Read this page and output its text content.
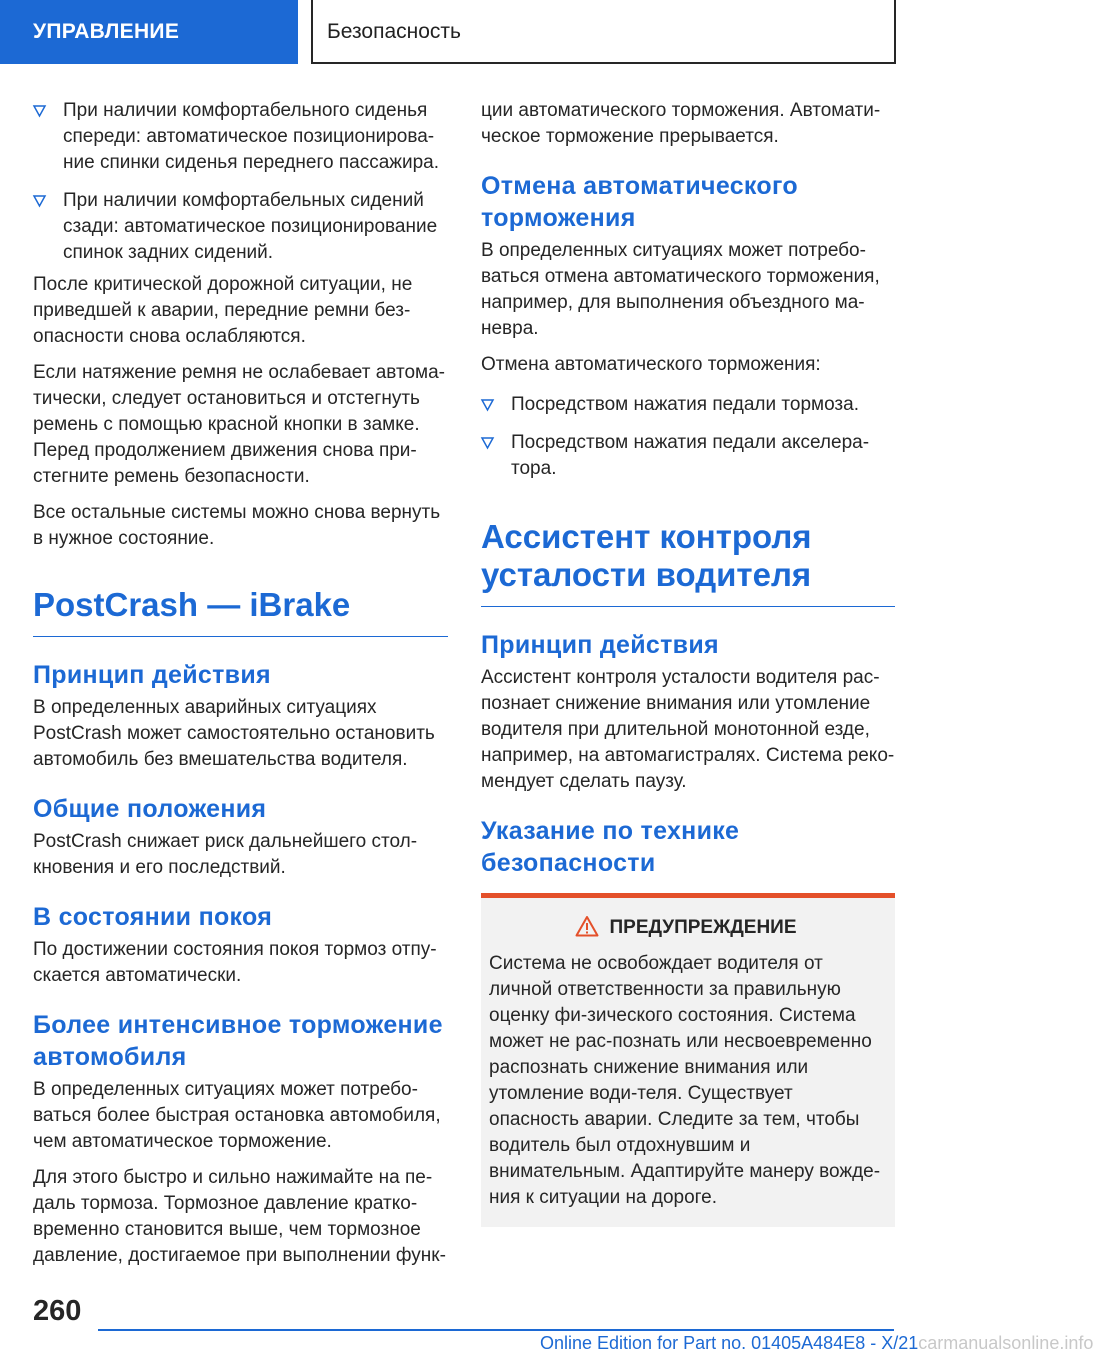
УПРАВЛЕНИЕ	Безопасность
При наличии комфортабельного сиденья спереди: автоматическое позиционирова-ние спинки сиденья переднего пассажира.
При наличии комфортабельных сидений сзади: автоматическое позиционирование спинок задних сидений.

После критической дорожной ситуации, не приведшей к аварии, передние ремни без-опасности снова ослабляются.

Если натяжение ремня не ослабевает автома-тически, следует остановиться и отстегнуть ремень с помощью красной кнопки в замке. Перед продолжением движения снова при-стегните ремень безопасности.

Все остальные системы можно снова вернуть в нужное состояние.

PostCrash — iBrake
Принцип действия

В определенных аварийных ситуациях PostCrash может самостоятельно остановить автомобиль без вмешательства водителя.

Общие положения

PostCrash снижает риск дальнейшего стол-кновения и его последствий.

В состоянии покоя

По достижении состояния покоя тормоз отпу-скается автоматически.

Более интенсивное торможение автомобиля

В определенных ситуациях может потребо-ваться более быстрая остановка автомобиля, чем автоматическое торможение.

Для этого быстро и сильно нажимайте на пе-даль тормоза. Тормозное давление кратко-временно становится выше, чем тормозное давление, достигаемое при выполнении функ-

ции автоматического торможения. Автомати-ческое торможение прерывается.

Отмена автоматического торможения

В определенных ситуациях может потребо-ваться отмена автоматического торможения, например, для выполнения объездного ма-невра.

Отмена автоматического торможения:

Посредством нажатия педали тормоза.
Посредством нажатия педали акселера-тора.
Ассистент контроля усталости водителя
Принцип действия

Ассистент контроля усталости водителя рас-познает снижение внимания или утомление водителя при длительной монотонной езде, например, на автомагистралях. Система реко-мендует сделать паузу.

Указание по технике безопасности
ПРЕДУПРЕЖДЕНИЕ

Система не освобождает водителя от личной ответственности за правильную оценку фи-зического состояния. Система может не рас-познать или несвоевременно распознать снижение внимания или утомление води-теля. Существует опасность аварии. Следите за тем, чтобы водитель был отдохнувшим и внимательным. Адаптируйте манеру вожде-ния к ситуации на дороге.

260
Online Edition for Part no. 01405A484E8 - X/21carmanualsonline.info
